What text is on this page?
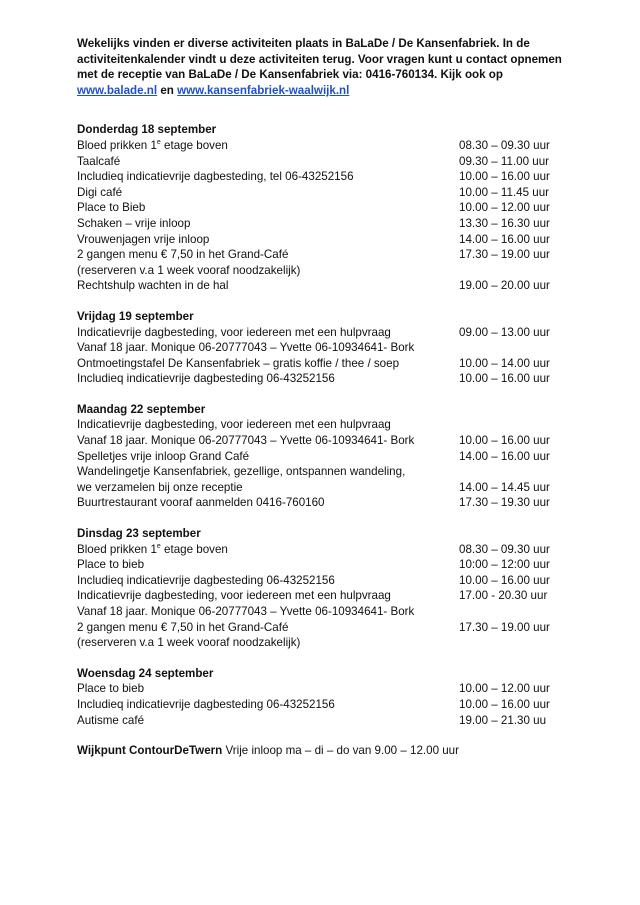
Wekelijks vinden er diverse activiteiten plaats in BaLaDe / De Kansenfabriek. In de activiteitenkalender vindt u deze activiteiten terug. Voor vragen kunt u contact opnemen met de receptie van BaLaDe / De Kansenfabriek via: 0416-760134. Kijk ook op
www.balade.nl en www.kansenfabriek-waalwijk.nl

Donderdag 18 september
Bloed prikken 1e etage boven	08.30 – 09.30 uur
Taalcafé	09.30 – 11.00 uur
Includieq indicatievrije dagbesteding, tel 06-43252156	10.00 – 16.00 uur
Digi café	10.00 – 11.45 uur
Place to Bieb	10.00 – 12.00 uur
Schaken – vrije inloop	13.30 – 16.30 uur
Vrouwenjagen vrije inloop	14.00 – 16.00 uur
2 gangen menu € 7,50 in het Grand-Café	17.30 – 19.00 uur
(reserveren v.a 1 week vooraf noodzakelijk)
Rechtshulp wachten in de hal	19.00 – 20.00 uur
Vrijdag 19 september
Indicatievrije dagbesteding, voor iedereen met een hulpvraag	09.00 – 13.00 uur
Vanaf 18 jaar. Monique 06-20777043 – Yvette 06-10934641- Bork
Ontmoetingstafel De Kansenfabriek – gratis koffie / thee / soep	10.00 – 14.00 uur
Includieq indicatievrije dagbesteding 06-43252156	10.00 – 16.00 uur
Maandag 22 september
Indicatievrije dagbesteding, voor iedereen met een hulpvraag
Vanaf 18 jaar. Monique 06-20777043 – Yvette 06-10934641- Bork	10.00 – 16.00 uur
Spelletjes vrije inloop Grand Café	14.00 – 16.00 uur
Wandelingetje Kansenfabriek, gezellige, ontspannen wandeling,
we verzamelen bij onze receptie	14.00 – 14.45 uur
Buurtrestaurant vooraf aanmelden 0416-760160	17.30 – 19.30 uur
Dinsdag 23 september
Bloed prikken 1e etage boven	08.30 – 09.30 uur
Place to bieb	10:00 – 12:00 uur
Includieq indicatievrije dagbesteding 06-43252156	10.00 – 16.00 uur
Indicatievrije dagbesteding, voor iedereen met een hulpvraag	17.00 - 20.30 uur
Vanaf 18 jaar. Monique 06-20777043 – Yvette 06-10934641- Bork
2 gangen menu € 7,50 in het Grand-Café	17.30 – 19.00 uur
(reserveren v.a 1 week vooraf noodzakelijk)
Woensdag 24 september
Place to bieb	10.00 – 12.00 uur
Includieq indicatievrije dagbesteding 06-43252156	10.00 – 16.00 uur
Autisme café	19.00 – 21.30 uu
Wijkpunt ContourDeTwern Vrije inloop ma – di – do van 9.00 – 12.00 uur
